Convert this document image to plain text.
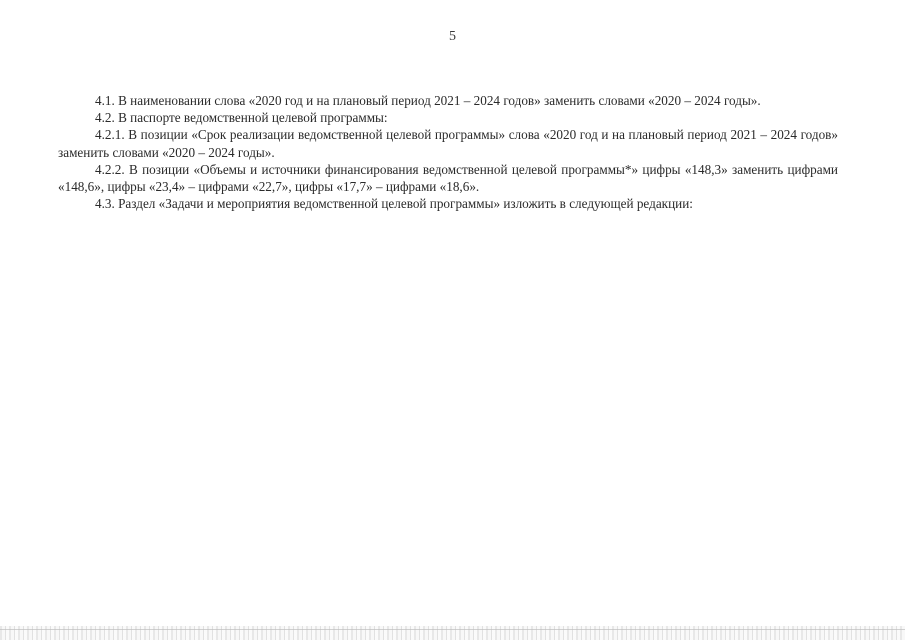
5

4.1. В наименовании слова «2020 год и на плановый период 2021 – 2024 годов» заменить словами «2020 – 2024 годы».

4.2. В паспорте ведомственной целевой программы:

4.2.1. В позиции «Срок реализации ведомственной целевой программы» слова «2020 год и на плановый период 2021 – 2024 годов» заменить словами «2020 – 2024 годы».

4.2.2. В позиции «Объемы и источники финансирования ведомственной целевой программы*» цифры «148,3» заменить цифрами «148,6», цифры «23,4» – цифрами «22,7», цифры «17,7» – цифрами «18,6».

4.3. Раздел «Задачи и мероприятия ведомственной целевой программы» изложить в следующей редакции:
